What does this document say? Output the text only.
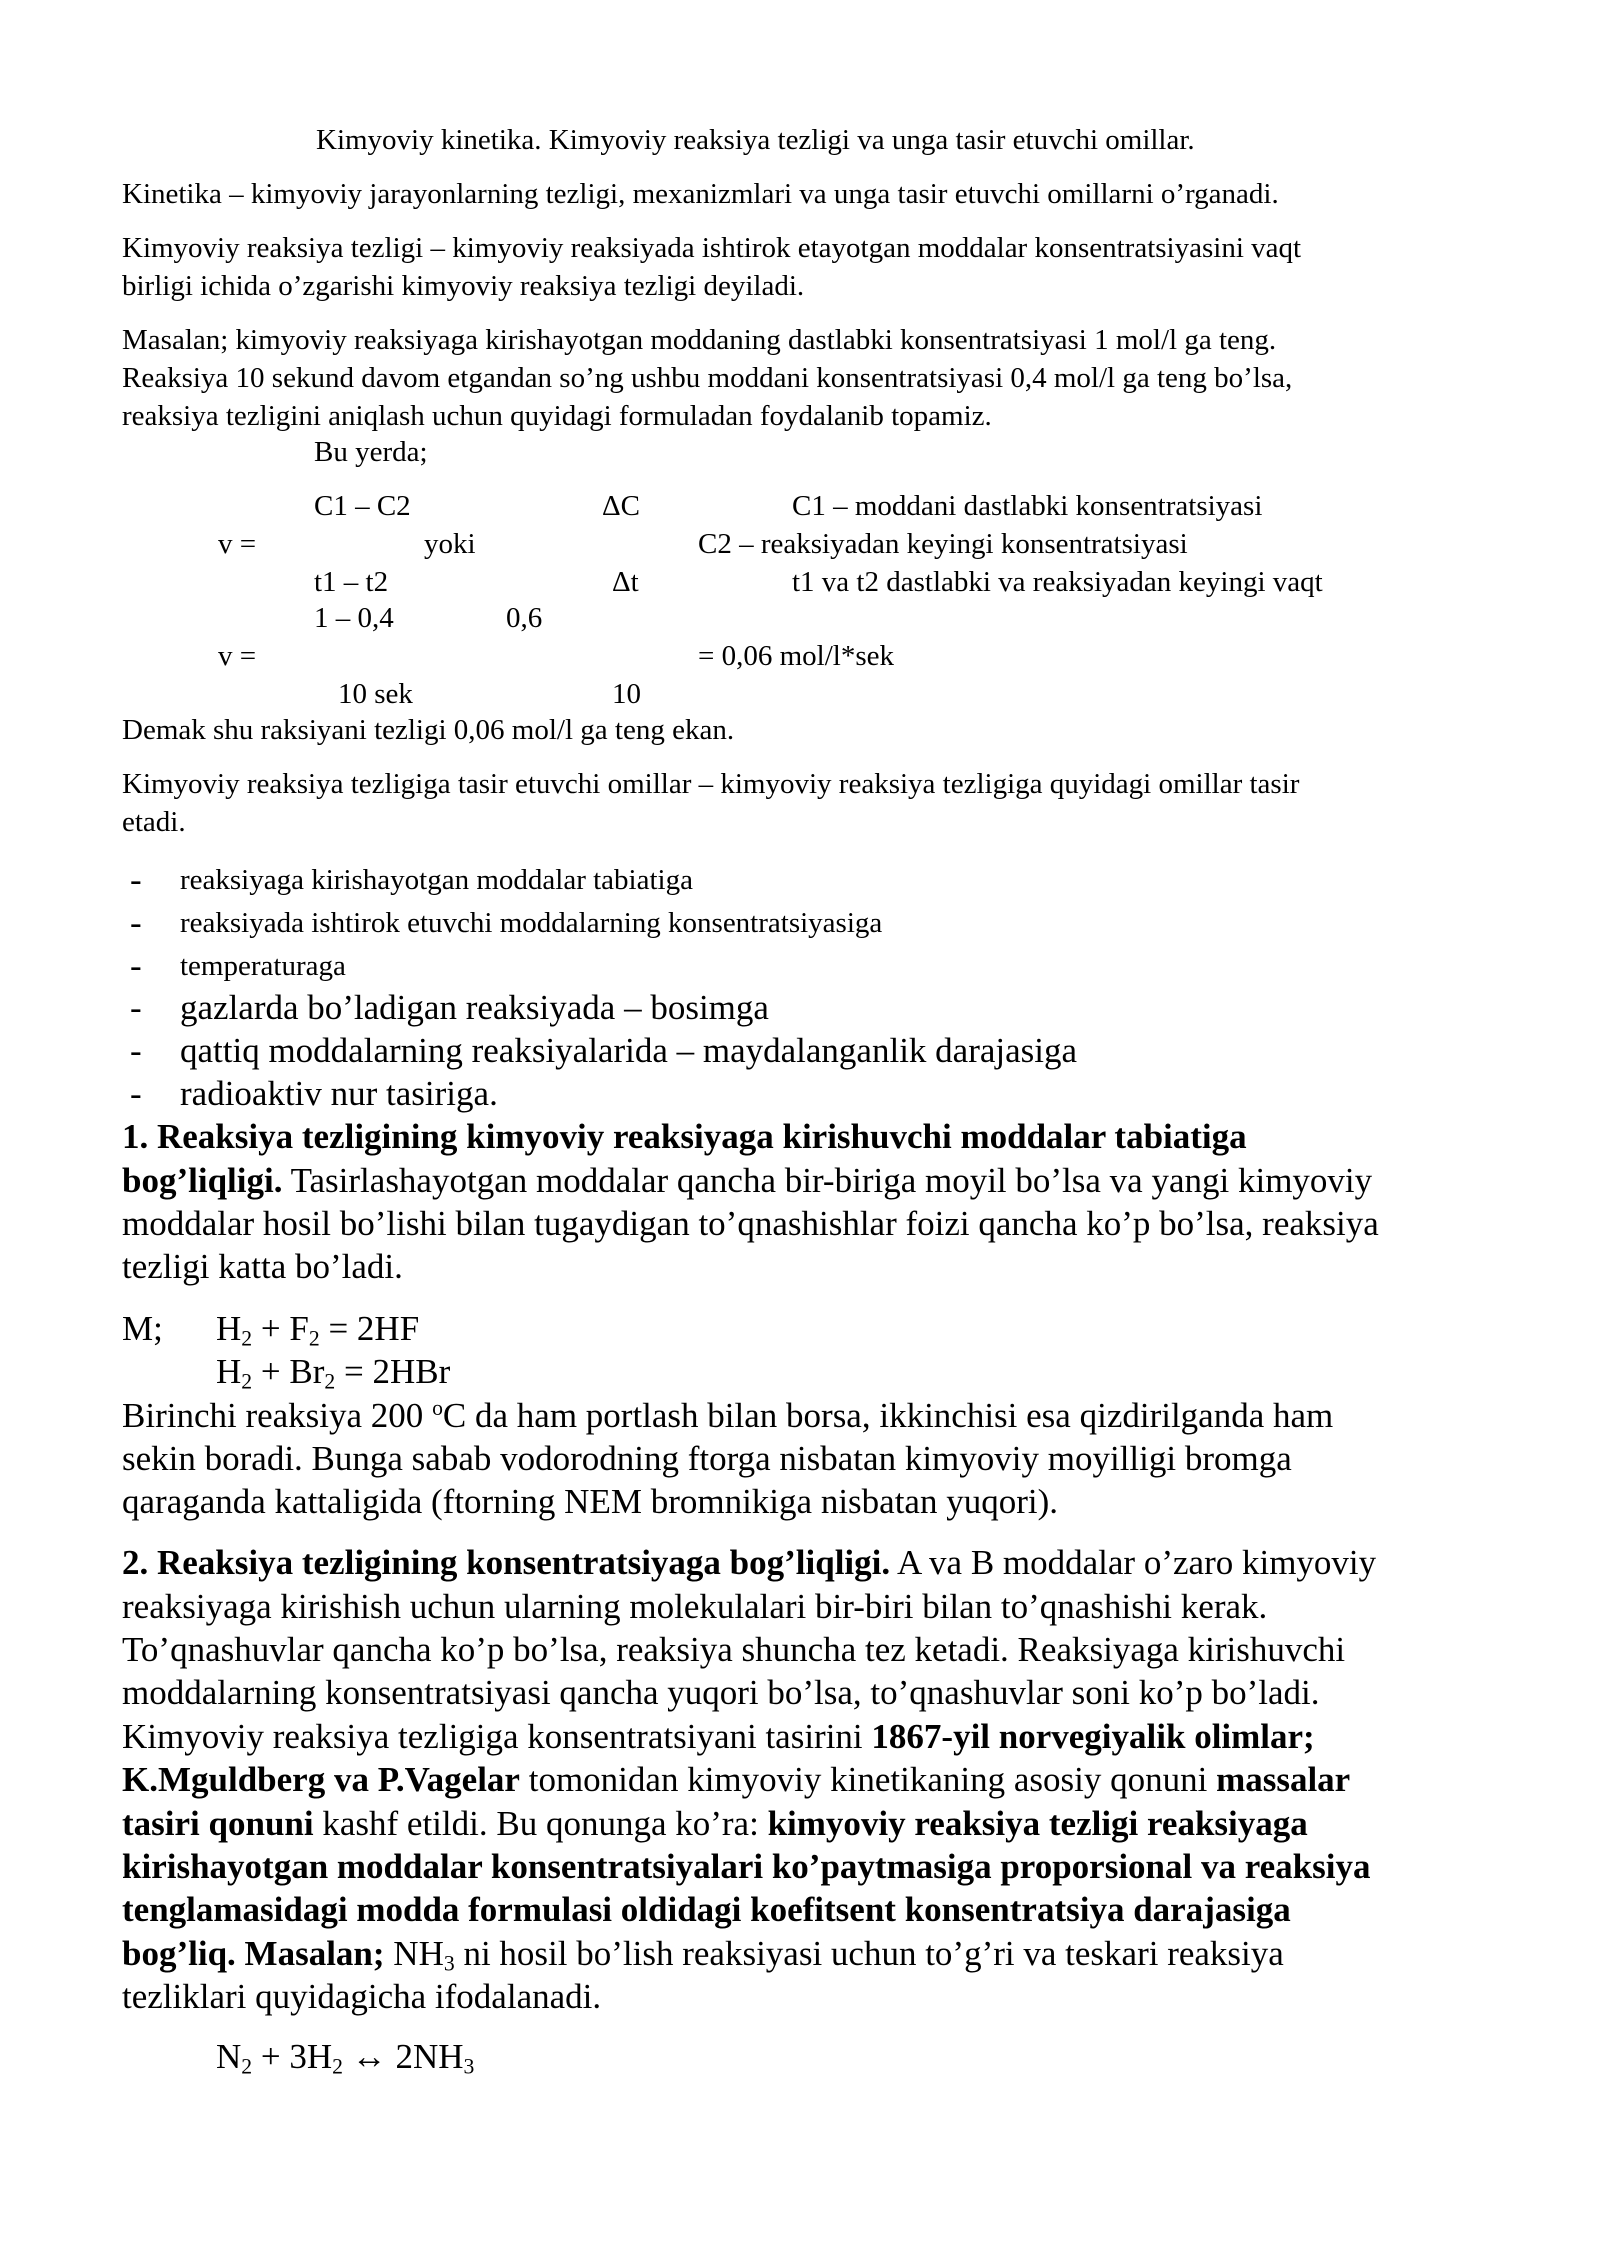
Kimyoviy kinetika. Kimyoviy reaksiya tezligi va unga tasir etuvchi omillar.
Kinetika – kimyoviy jarayonlarning tezligi, mexanizmlari va unga tasir etuvchi omillarni o’rganadi.
Kimyoviy reaksiya tezligi – kimyoviy reaksiyada ishtirok etayotgan moddalar konsentratsiyasini vaqt
birligi ichida o’zgarishi kimyoviy reaksiya tezligi deyiladi.
Masalan; kimyoviy reaksiyaga kirishayotgan moddaning dastlabki konsentratsiyasi 1 mol/l ga teng.
Reaksiya 10 sekund davom etgandan so’ng ushbu moddani konsentratsiyasi 0,4 mol/l ga teng bo’lsa,
reaksiya tezligini aniqlash uchun quyidagi formuladan foydalanib topamiz.
Bu yerda;
C1 – C2	ΔC	C1 – moddani dastlabki konsentratsiyasi
v =	yoki	C2 – reaksiyadan keyingi konsentratsiyasi
t1 – t2	Δt	t1 va t2 dastlabki va reaksiyadan keyingi vaqt
1 – 0,4	0,6
v =	= 0,06 mol/l*sek
10 sek	10
Demak shu raksiyani tezligi 0,06 mol/l ga teng ekan.
Kimyoviy reaksiya tezligiga tasir etuvchi omillar – kimyoviy reaksiya tezligiga quyidagi omillar tasir
etadi.
- reaksiyaga kirishayotgan moddalar tabiatiga
- reaksiyada ishtirok etuvchi moddalarning konsentratsiyasiga
- temperaturaga
- gazlarda bo’ladigan reaksiyada – bosimga
- qattiq moddalarning reaksiyalarida – maydalanganlik darajasiga
- radioaktiv nur tasiriga.
1. Reaksiya tezligining kimyoviy reaksiyaga kirishuvchi moddalar tabiatiga
bog’liqligi. Tasirlashayotgan moddalar qancha bir-biriga moyil bo’lsa va yangi kimyoviy
moddalar hosil bo’lishi bilan tugaydigan to’qnashishlar foizi qancha ko’p bo’lsa, reaksiya
tezligi katta bo’ladi.
M; $H_2 + F_2 = 2HF$
$H_2 + Br_2 = 2HBr$
Birinchi reaksiya 200 $^o$C da ham portlash bilan borsa, ikkinchisi esa qizdirilganda ham
sekin boradi. Bunga sabab vodorodning ftorga nisbatan kimyoviy moyilligi bromga
qaraganda kattaligida (ftorning NEM bromnikiga nisbatan yuqori).
2. Reaksiya tezligining konsentratsiyaga bog’liqligi. A va B moddalar o’zaro kimyoviy
reaksiyaga kirishish uchun ularning molekulalari bir-biri bilan to’qnashishi kerak.
To’qnashuvlar qancha ko’p bo’lsa, reaksiya shuncha tez ketadi. Reaksiyaga kirishuvchi
moddalarning konsentratsiyasi qancha yuqori bo’lsa, to’qnashuvlar soni ko’p bo’ladi.
Kimyoviy reaksiya tezligiga konsentratsiyani tasirini 1867-yil norvegiyalik olimlar;
K.Mguldberg va P.Vagelar tomonidan kimyoviy kinetikaning asosiy qonuni massalar
tasiri qonuni kashf etildi. Bu qonunga ko’ra: kimyoviy reaksiya tezligi reaksiyaga
kirishayotgan moddalar konsentratsiyalari ko’paytmasiga proporsional va reaksiya
tenglamasidagi modda formulasi oldidagi koefitsent konsentratsiya darajasiga
bog’liq. Masalan; $NH_3$ ni hosil bo’lish reaksiyasi uchun to’g’ri va teskari reaksiya
tezliklari quyidagicha ifodalanadi.
$N_2 + 3H_2$ ↔ $2NH_3$
